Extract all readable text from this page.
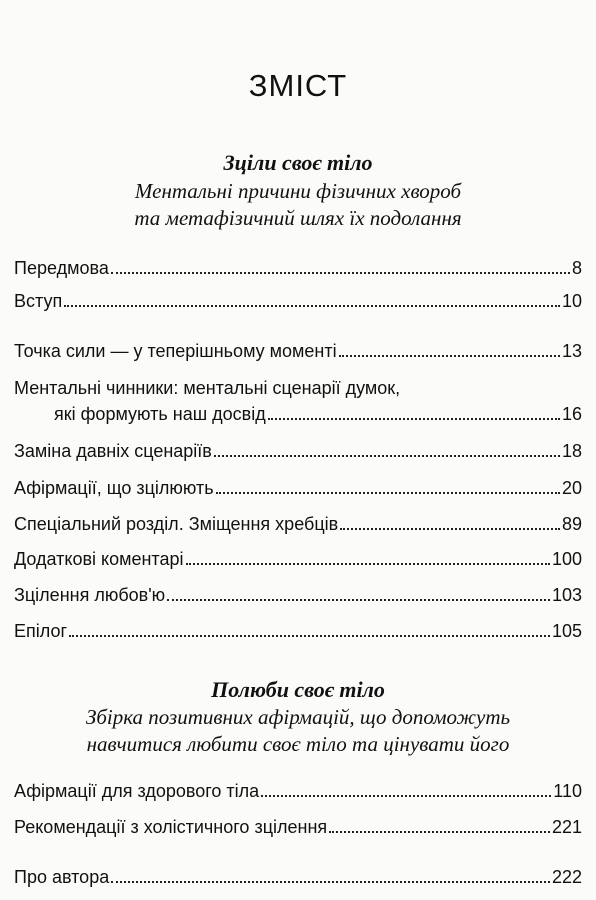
ЗМІСТ
Зціли своє тіло
Ментальні причини фізичних хвороб
та метафізичний шлях їх подолання
Передмова	8
Вступ	10
Точка сили — у теперішньому моменті	13
Ментальні чинники: ментальні сценарії думок,
які формують наш досвід	16
Заміна давніх сценаріїв	18
Афірмації, що зцілюють	20
Спеціальний розділ. Зміщення хребців	89
Додаткові коментарі	100
Зцілення любов'ю	103
Епілог	105
Полюби своє тіло
Збірка позитивних афірмацій, що допоможуть
навчитися любити своє тіло та цінувати його
Афірмації для здорового тіла	110
Рекомендації з холістичного зцілення	221
Про автора	222
